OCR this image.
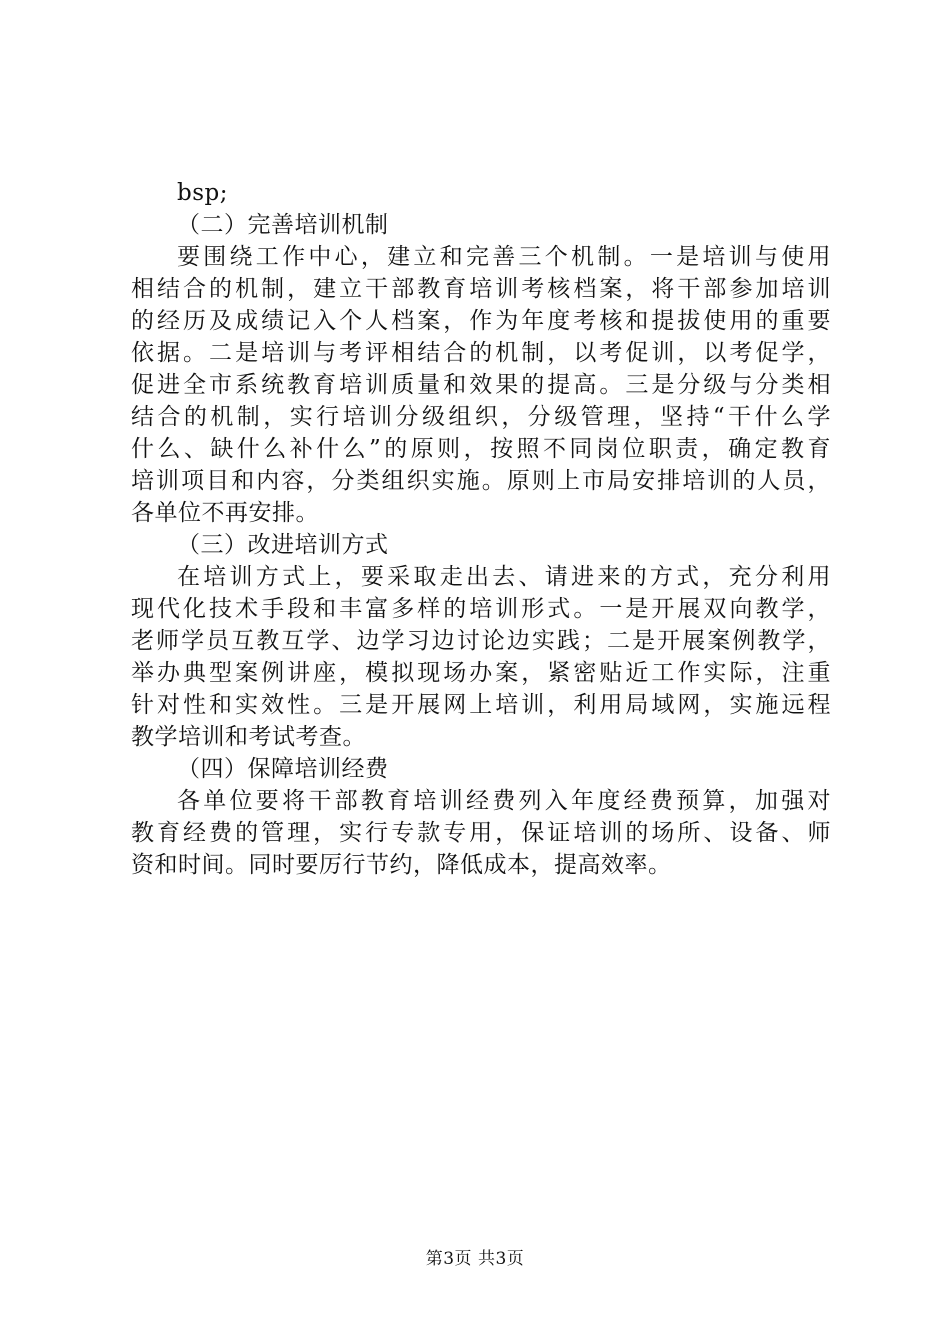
bsp;
（二）完善培训机制
要围绕工作中心，建立和完善三个机制。一是培训与使用
相结合的机制，建立干部教育培训考核档案，将干部参加培训
的经历及成绩记入个人档案，作为年度考核和提拔使用的重要
依据。二是培训与考评相结合的机制，以考促训，以考促学，
促进全市系统教育培训质量和效果的提高。三是分级与分类相
结合的机制，实行培训分级组织，分级管理，坚持“干什么学
什么、缺什么补什么”的原则，按照不同岗位职责，确定教育
培训项目和内容，分类组织实施。原则上市局安排培训的人员，
各单位不再安排。
（三）改进培训方式
在培训方式上，要采取走出去、请进来的方式，充分利用
现代化技术手段和丰富多样的培训形式。一是开展双向教学，
老师学员互教互学、边学习边讨论边实践；二是开展案例教学，
举办典型案例讲座，模拟现场办案，紧密贴近工作实际，注重
针对性和实效性。三是开展网上培训，利用局域网，实施远程
教学培训和考试考查。
（四）保障培训经费
各单位要将干部教育培训经费列入年度经费预算，加强对
教育经费的管理，实行专款专用，保证培训的场所、设备、师
资和时间。同时要厉行节约，降低成本，提高效率。
第3页 共3页
